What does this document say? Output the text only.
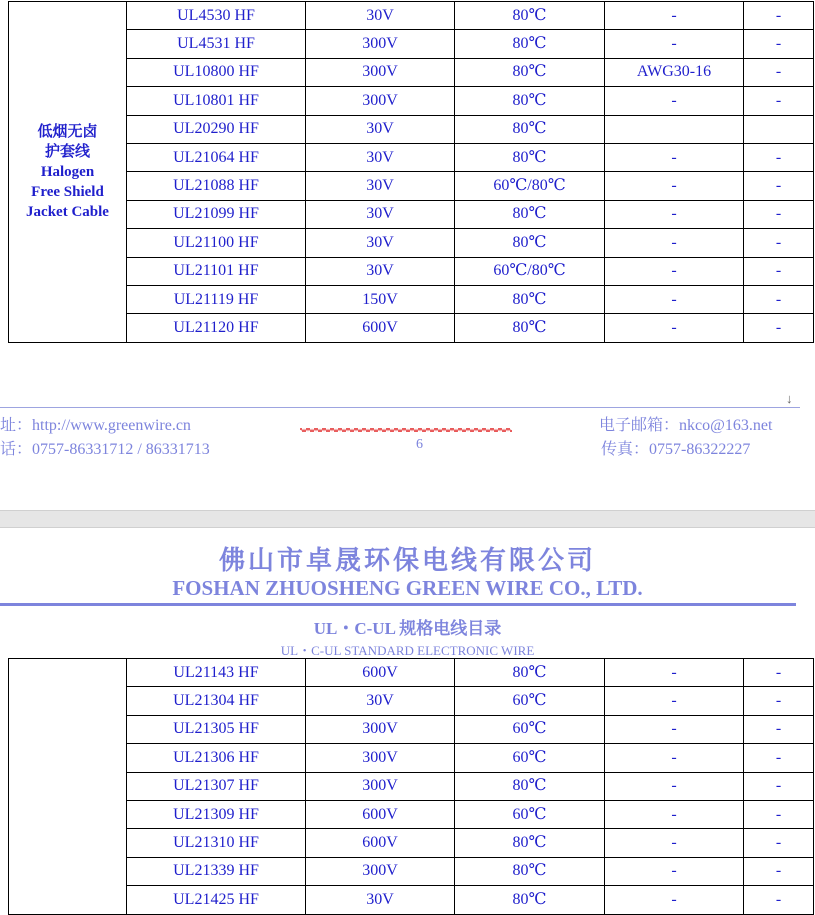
低烟无卤
护套线
Halogen
Free Shield
Jacket Cable	UL4530 HF	30V	80℃	-	-
	UL4531 HF	300V	80℃	-	-
	UL10800 HF	300V	80℃	AWG30-16	-
	UL10801 HF	300V	80℃	-	-
	UL20290 HF	30V	80℃		
	UL21064 HF	30V	80℃	-	-
	UL21088 HF	30V	60℃/80℃	-	-
	UL21099 HF	30V	80℃	-	-
	UL21100 HF	30V	80℃	-	-
	UL21101 HF	30V	60℃/80℃	-	-
	UL21119 HF	150V	80℃	-	-
	UL21120 HF	600V	80℃	-	-
↓
址：http://www.greenwire.cn
话：0757-86331712 / 86331713	6
电子邮箱：nkco@163.net
传真：0757-86322227
佛山市卓晟环保电线有限公司
FOSHAN ZHUOSHENG GREEN WIRE CO., LTD.
UL・C-UL 规格电线目录
UL・C-UL STANDARD ELECTRONIC WIRE
	UL21143 HF	600V	80℃	-	-
	UL21304 HF	30V	60℃	-	-
	UL21305 HF	300V	60℃	-	-
	UL21306 HF	300V	60℃	-	-
	UL21307 HF	300V	80℃	-	-
	UL21309 HF	600V	60℃	-	-
	UL21310 HF	600V	80℃	-	-
	UL21339 HF	300V	80℃	-	-
	UL21425 HF	30V	80℃	-	-
